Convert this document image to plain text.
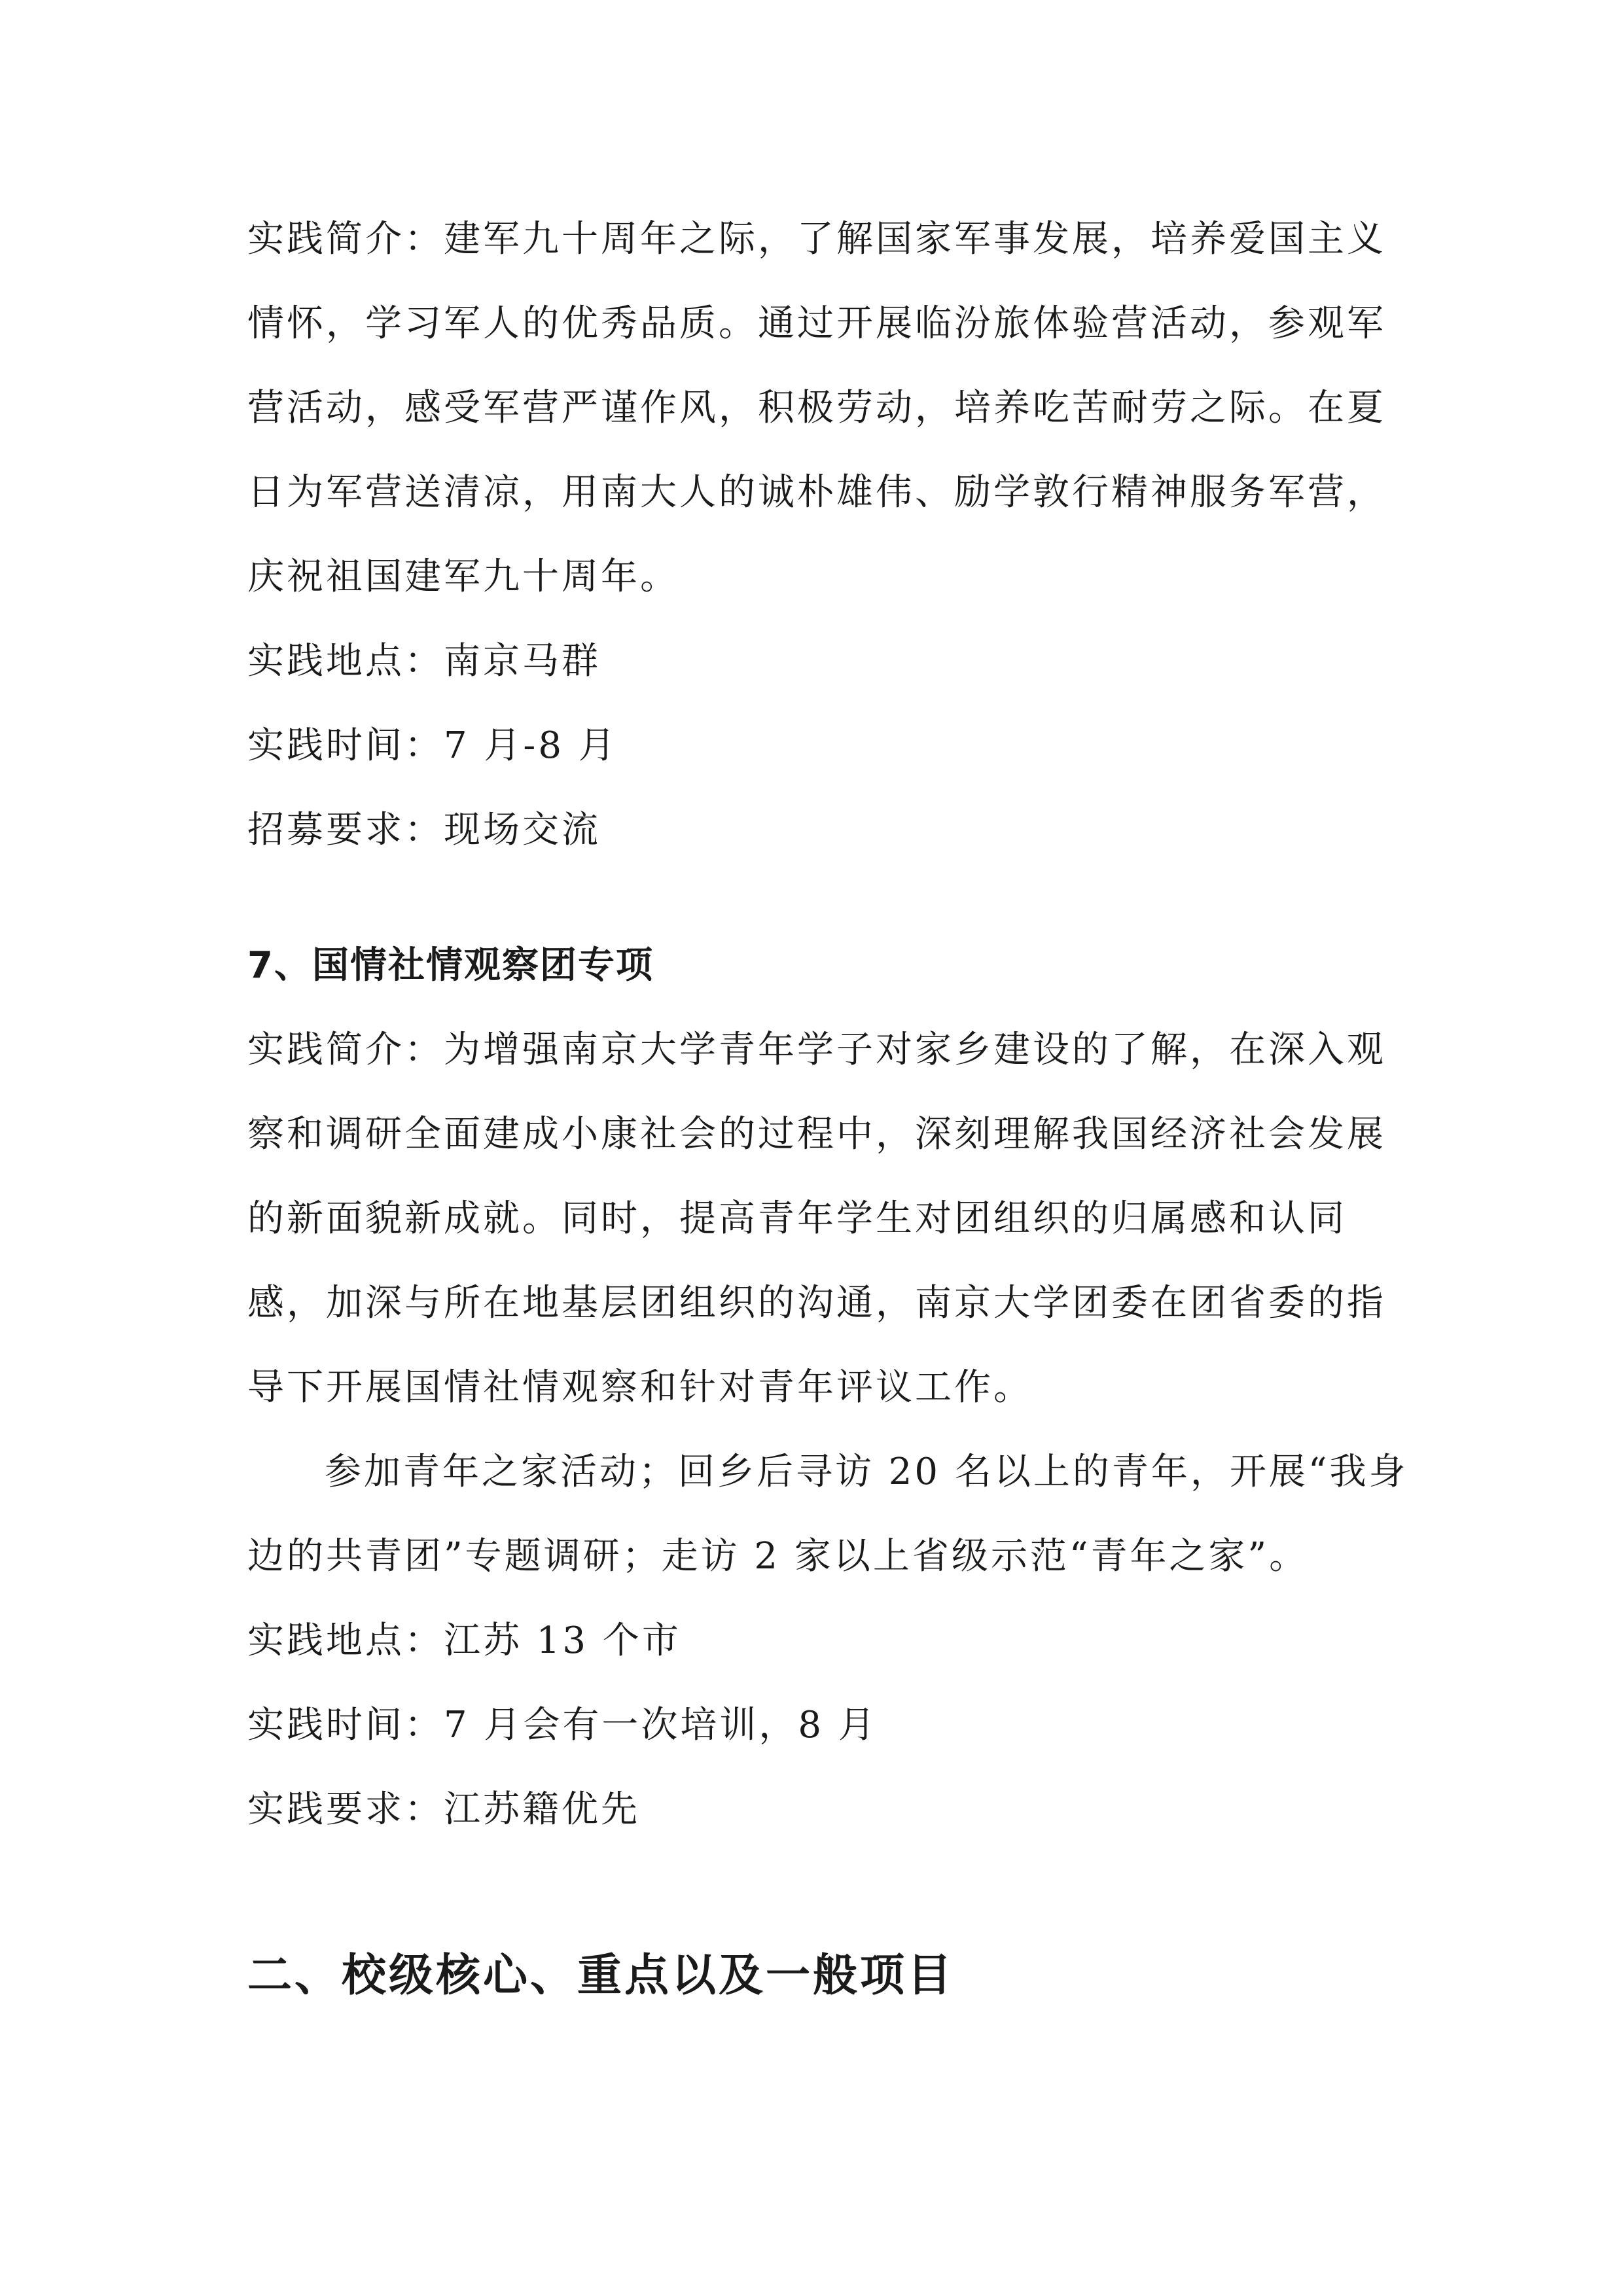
实践简介：建军九十周年之际，了解国家军事发展，培养爱国主义
情怀，学习军人的优秀品质。通过开展临汾旅体验营活动，参观军
营活动，感受军营严谨作风，积极劳动，培养吃苦耐劳之际。在夏
日为军营送清凉，用南大人的诚朴雄伟、励学敦行精神服务军营，
庆祝祖国建军九十周年。
实践地点：南京马群
实践时间：7 月-8 月
招募要求：现场交流
7、国情社情观察团专项
实践简介：为增强南京大学青年学子对家乡建设的了解，在深入观
察和调研全面建成小康社会的过程中，深刻理解我国经济社会发展
的新面貌新成就。同时，提高青年学生对团组织的归属感和认同
感，加深与所在地基层团组织的沟通，南京大学团委在团省委的指
导下开展国情社情观察和针对青年评议工作。
参加青年之家活动；回乡后寻访 20 名以上的青年，开展“我身
边的共青团”专题调研；走访 2 家以上省级示范“青年之家”。
实践地点：江苏 13 个市
实践时间：7 月会有一次培训，8 月
实践要求：江苏籍优先
二、校级核心、重点以及一般项目
